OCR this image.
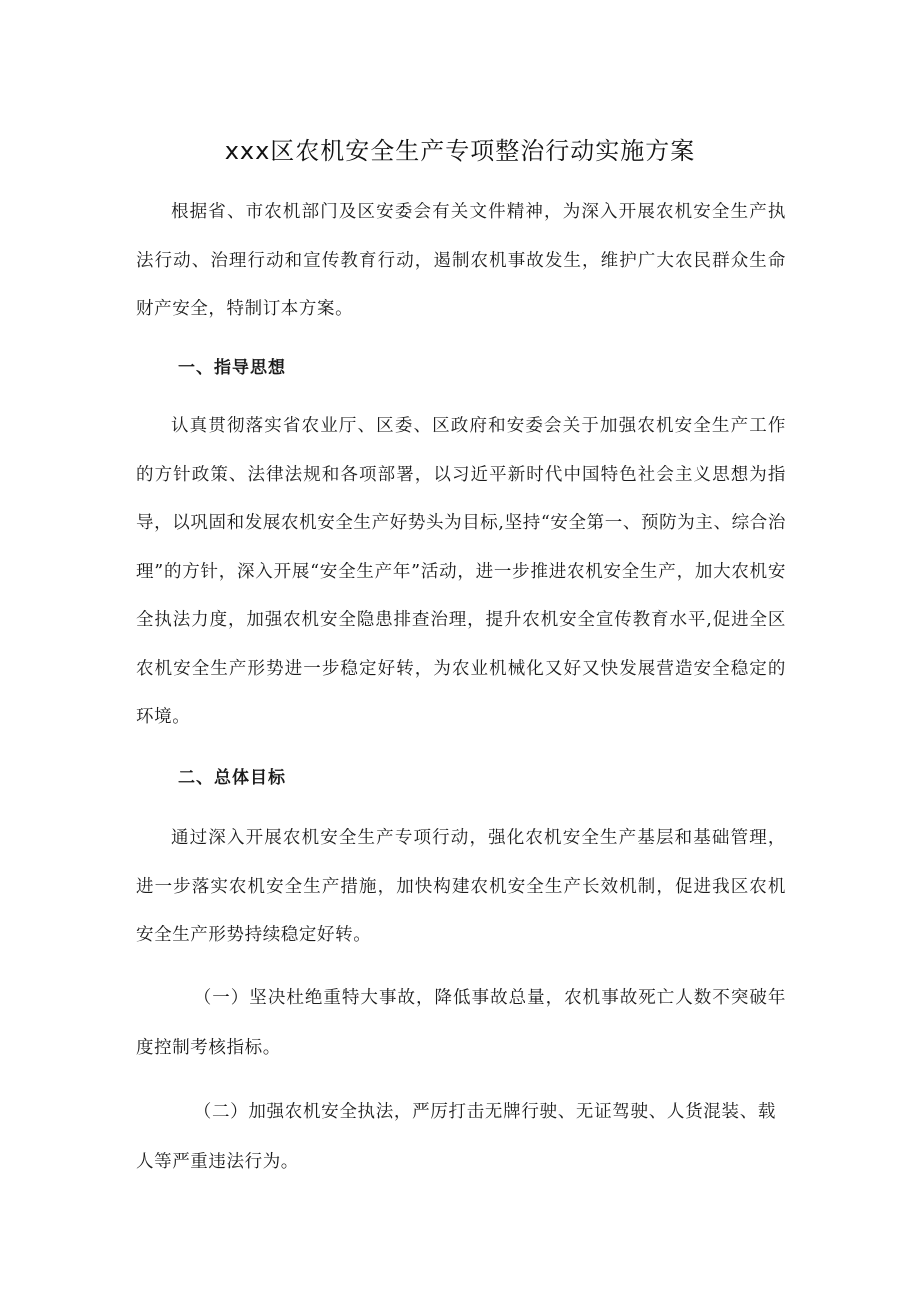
xxx区农机安全生产专项整治行动实施方案

根据省、市农机部门及区安委会有关文件精神，为深入开展农机安全生产执法行动、治理行动和宣传教育行动，遏制农机事故发生，维护广大农民群众生命财产安全，特制订本方案。

一、指导思想

认真贯彻落实省农业厅、区委、区政府和安委会关于加强农机安全生产工作的方针政策、法律法规和各项部署，以习近平新时代中国特色社会主义思想为指导，以巩固和发展农机安全生产好势头为目标,坚持“安全第一、预防为主、综合治理”的方针，深入开展“安全生产年”活动，进一步推进农机安全生产，加大农机安全执法力度，加强农机安全隐患排查治理，提升农机安全宣传教育水平,促进全区农机安全生产形势进一步稳定好转，为农业机械化又好又快发展营造安全稳定的环境。

二、总体目标

通过深入开展农机安全生产专项行动，强化农机安全生产基层和基础管理，进一步落实农机安全生产措施，加快构建农机安全生产长效机制，促进我区农机安全生产形势持续稳定好转。

（一）坚决杜绝重特大事故，降低事故总量，农机事故死亡人数不突破年度控制考核指标。

（二）加强农机安全执法，严厉打击无牌行驶、无证驾驶、人货混装、载人等严重违法行为。
